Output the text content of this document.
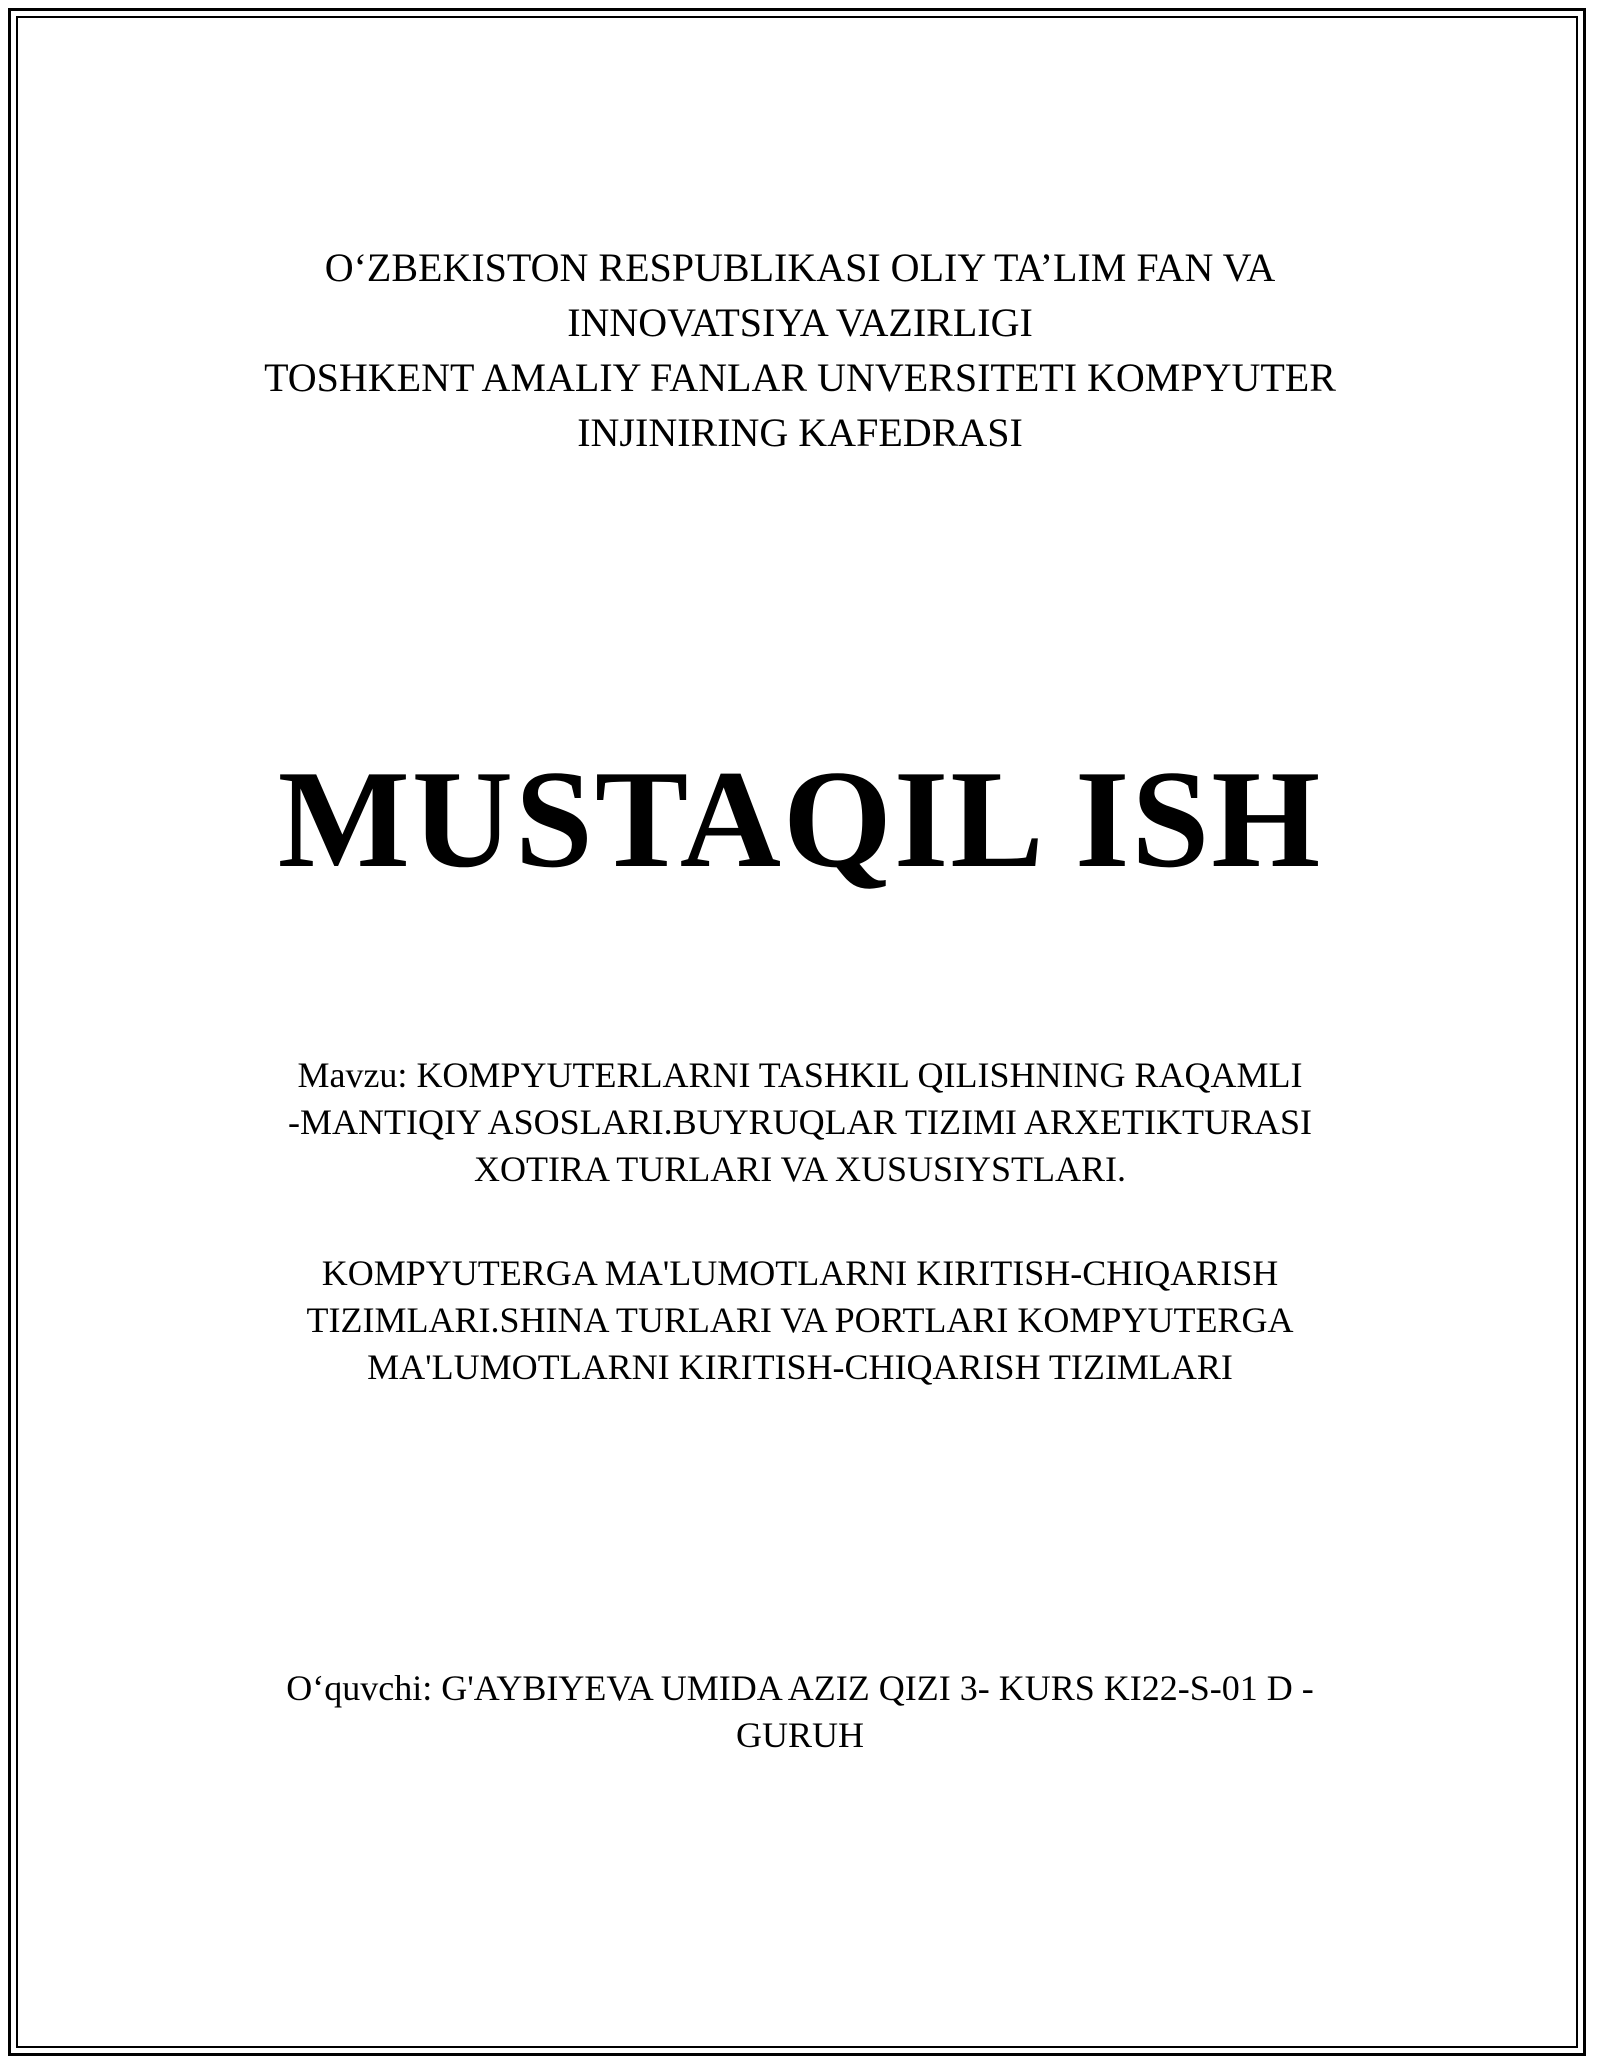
O‘ZBEKISTON RESPUBLIKASI OLIY TA’LIM FAN VA
INNOVATSIYA VAZIRLIGI
TOSHKENT AMALIY FANLAR UNVERSITETI KOMPYUTER
INJINIRING KAFEDRASI
MUSTAQIL ISH
Mavzu: KOMPYUTERLARNI TASHKIL QILISHNING RAQAMLI
-MANTIQIY ASOSLARI.BUYRUQLAR TIZIMI ARXETIKTURASI
XOTIRA TURLARI VA XUSUSIYSTLARI.
KOMPYUTERGA MA'LUMOTLARNI KIRITISH-CHIQARISH
TIZIMLARI.SHINA TURLARI VA PORTLARI KOMPYUTERGA
MA'LUMOTLARNI KIRITISH-CHIQARISH TIZIMLARI
O‘quvchi: G'AYBIYEVA UMIDA AZIZ QIZI 3- KURS KI22-S-01 D -
GURUH
